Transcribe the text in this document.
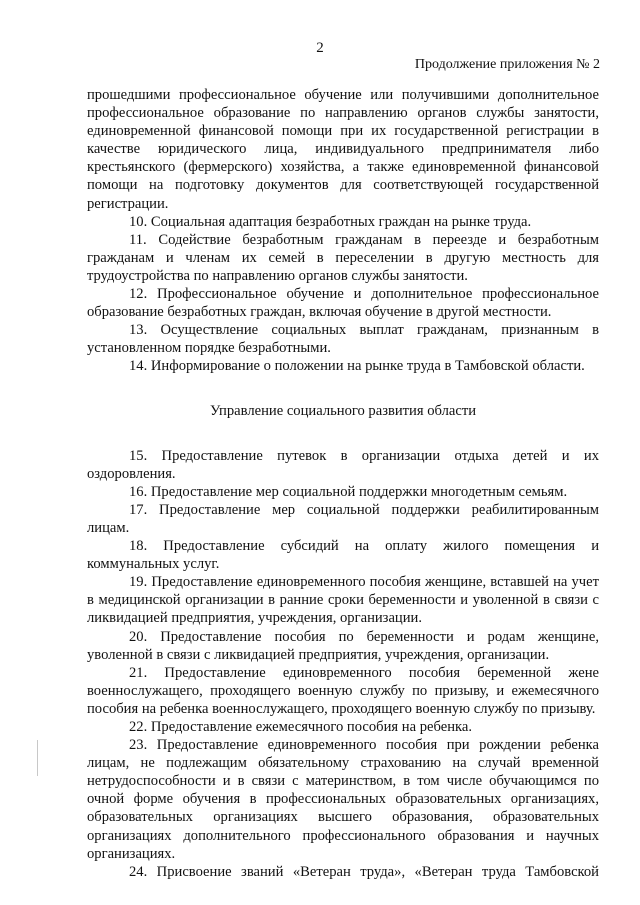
2
Продолжение приложения № 2

прошедшими профессиональное обучение или получившими дополнительное профессиональное образование по направлению органов службы занятости, единовременной финансовой помощи при их государственной регистрации в качестве юридического лица, индивидуального предпринимателя либо крестьянского (фермерского) хозяйства, а также единовременной финансовой помощи на подготовку документов для соответствующей государственной регистрации.

10. Социальная адаптация безработных граждан на рынке труда.

11. Содействие безработным гражданам в переезде и безработным гражданам и членам их семей в переселении в другую местность для трудоустройства по направлению органов службы занятости.

12. Профессиональное обучение и дополнительное профессиональное образование безработных граждан, включая обучение в другой местности.

13. Осуществление социальных выплат гражданам, признанным в установленном порядке безработными.

14. Информирование о положении на рынке труда в Тамбовской области.

Управление социального развития области

15. Предоставление путевок в организации отдыха детей и их оздоровления.

16. Предоставление мер социальной поддержки многодетным семьям.

17. Предоставление мер социальной поддержки реабилитированным лицам.

18. Предоставление субсидий на оплату жилого помещения и коммунальных услуг.

19. Предоставление единовременного пособия женщине, вставшей на учет в медицинской организации в ранние сроки беременности и уволенной в связи с ликвидацией предприятия, учреждения, организации.

20. Предоставление пособия по беременности и родам женщине, уволенной в связи с ликвидацией предприятия, учреждения, организации.

21. Предоставление единовременного пособия беременной жене военнослужащего, проходящего военную службу по призыву, и ежемесячного пособия на ребенка военнослужащего, проходящего военную службу по призыву.

22. Предоставление ежемесячного пособия на ребенка.

23. Предоставление единовременного пособия при рождении ребенка лицам, не подлежащим обязательному страхованию на случай временной нетрудоспособности и в связи с материнством, в том числе обучающимся по очной форме обучения в профессиональных образовательных организациях, образовательных организациях высшего образования, образовательных организациях дополнительного профессионального образования и научных организациях.

24. Присвоение званий «Ветеран труда», «Ветеран труда Тамбовской
